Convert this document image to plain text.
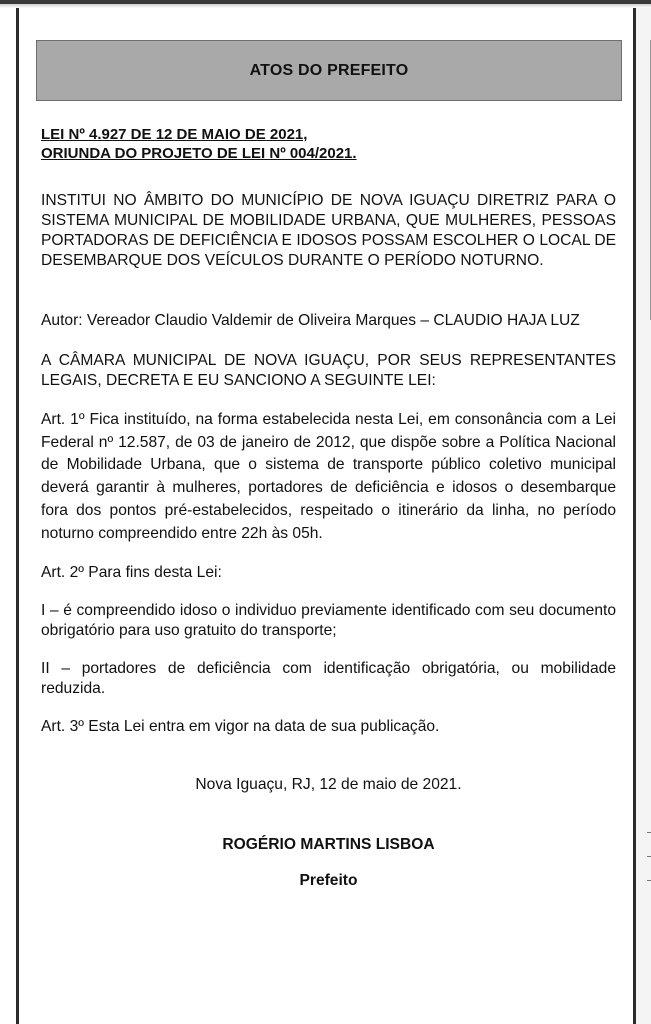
ATOS DO PREFEITO

LEI Nº 4.927 DE 12 DE MAIO DE 2021,

ORIUNDA DO PROJETO DE LEI Nº 004/2021.

INSTITUI NO ÂMBITO DO MUNICÍPIO DE NOVA IGUAÇU DIRETRIZ PARA O SISTEMA MUNICIPAL DE MOBILIDADE URBANA, QUE MULHERES, PESSOAS PORTADORAS DE DEFICIÊNCIA E IDOSOS POSSAM ESCOLHER O LOCAL DE DESEMBARQUE DOS VEÍCULOS DURANTE O PERÍODO NOTURNO.

Autor: Vereador Claudio Valdemir de Oliveira Marques – CLAUDIO HAJA LUZ

A CÂMARA MUNICIPAL DE NOVA IGUAÇU, POR SEUS REPRESENTANTES LEGAIS, DECRETA E EU SANCIONO A SEGUINTE LEI:

Art. 1º Fica instituído, na forma estabelecida nesta Lei, em consonância com a Lei Federal nº 12.587, de 03 de janeiro de 2012, que dispõe sobre a Política Nacional de Mobilidade Urbana, que o sistema de transporte público coletivo municipal deverá garantir à mulheres, portadores de deficiência e idosos o desembarque fora dos pontos pré-estabelecidos, respeitado o itinerário da linha, no período noturno compreendido entre 22h às 05h.

Art. 2º Para fins desta Lei:

I – é compreendido idoso o individuo previamente identificado com seu documento obrigatório para uso gratuito do transporte;

II – portadores de deficiência com identificação obrigatória, ou mobilidade reduzida.

Art. 3º Esta Lei entra em vigor na data de sua publicação.

Nova Iguaçu, RJ, 12 de maio de 2021.

ROGÉRIO MARTINS LISBOA

Prefeito
